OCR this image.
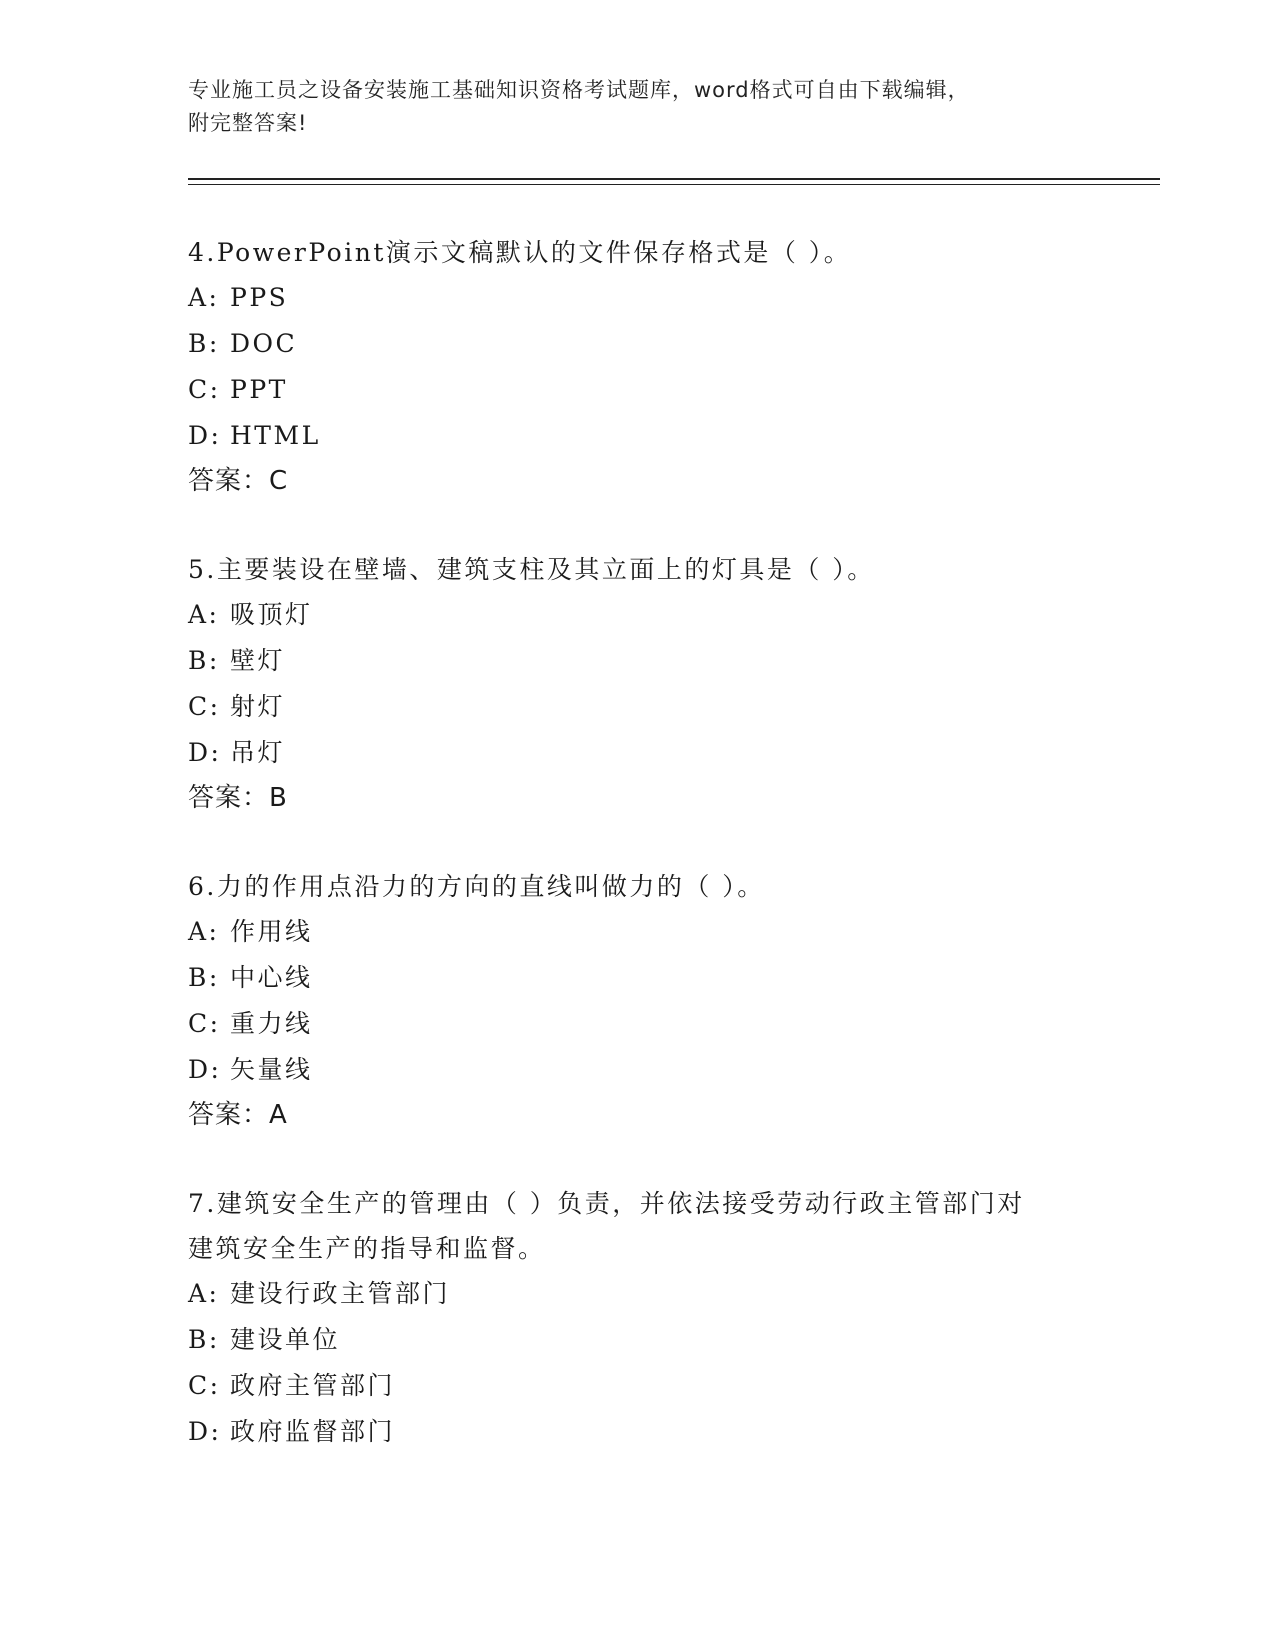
专业施工员之设备安装施工基础知识资格考试题库，word格式可自由下载编辑，
附完整答案!

4.PowerPoint演示文稿默认的文件保存格式是（ ）。

A: PPS

B: DOC

C: PPT

D: HTML

答案：C

5.主要装设在壁墙、建筑支柱及其立面上的灯具是（ ）。

A: 吸顶灯

B: 壁灯

C: 射灯

D: 吊灯

答案：B

6.力的作用点沿力的方向的直线叫做力的（ ）。

A: 作用线

B: 中心线

C: 重力线

D: 矢量线

答案：A

7.建筑安全生产的管理由（ ）负责，并依法接受劳动行政主管部门对

建筑安全生产的指导和监督。

A: 建设行政主管部门

B: 建设单位

C: 政府主管部门

D: 政府监督部门
